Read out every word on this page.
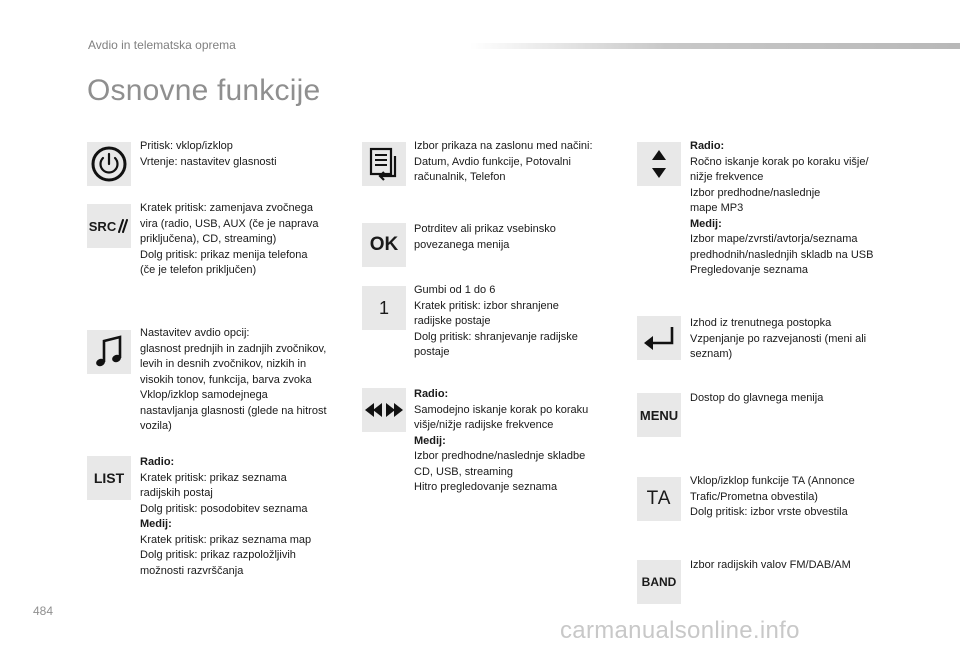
Avdio in telematska oprema
Osnovne funkcije
Pritisk: vklop/izklop
Vrtenje: nastavitev glasnosti
SRC
Kratek pritisk: zamenjava zvočnega
vira (radio, USB, AUX (če je naprava
priključena), CD, streaming)
Dolg pritisk: prikaz menija telefona
(če je telefon priključen)
Nastavitev avdio opcij:
glasnost prednjih in zadnjih zvočnikov,
levih in desnih zvočnikov, nizkih in
visokih tonov, funkcija, barva zvoka
Vklop/izklop samodejnega
nastavljanja glasnosti (glede na hitrost
vozila)
LIST
Radio:
Kratek pritisk: prikaz seznama
radijskih postaj
Dolg pritisk: posodobitev seznama
Medij:
Kratek pritisk: prikaz seznama map
Dolg pritisk: prikaz razpoložljivih
možnosti razvrščanja
Izbor prikaza na zaslonu med načini:
Datum, Avdio funkcije, Potovalni
računalnik, Telefon
OK
Potrditev ali prikaz vsebinsko
povezanega menija
1
Gumbi od 1 do 6
Kratek pritisk: izbor shranjene
radijske postaje
Dolg pritisk: shranjevanje radijske
postaje
Radio:
Samodejno iskanje korak po koraku
višje/nižje radijske frekvence
Medij:
Izbor predhodne/naslednje skladbe
CD, USB, streaming
Hitro pregledovanje seznama
Radio:
Ročno iskanje korak po koraku višje/
nižje frekvence
Izbor predhodne/naslednje
mape MP3
Medij:
Izbor mape/zvrsti/avtorja/seznama
predhodnih/naslednjih skladb na USB
Pregledovanje seznama
Izhod iz trenutnega postopka
Vzpenjanje po razvejanosti (meni ali
seznam)
MENU
Dostop do glavnega menija
TA
Vklop/izklop funkcije TA (Annonce
Trafic/Prometna obvestila)
Dolg pritisk: izbor vrste obvestila
BAND
Izbor radijskih valov FM/DAB/AM
484
carmanualsonline.info
